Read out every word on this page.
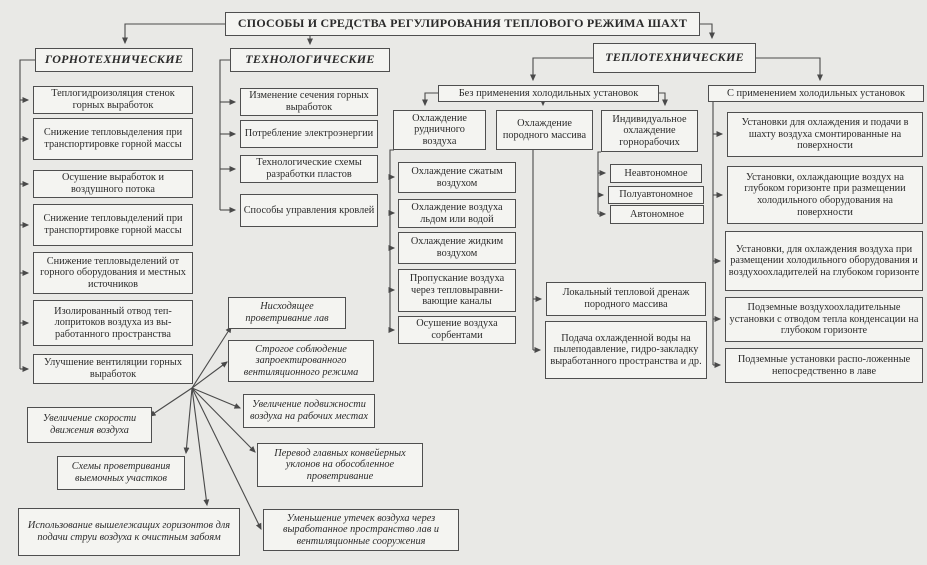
СПОСОБЫ И СРЕДСТВА РЕГУЛИРОВАНИЯ ТЕПЛОВОГО РЕЖИМА ШАХТ
ГОРНОТЕХНИЧЕСКИЕ	ТЕХНОЛОГИЧЕСКИЕ	ТЕПЛОТЕХНИЧЕСКИЕ
Без применения холодильных установок	С применением холодильных установок
Теплогидроизоляция стенок горных выработок
Снижение тепловыделения при транспортировке горной массы
Осушение выработок и воздушного потока
Снижение тепловыделений при транспортировке горной массы
Снижение тепловыделений от горного оборудования и местных источников
Изолированный отвод теп-лопритоков воздуха из вы-работанного пространства
Улучшение вентиляции горных выработок
Изменение сечения горных выработок
Потребление электроэнергии
Технологические схемы разработки пластов
Способы управления кровлей
Охлаждение рудничного воздуха
Охлаждение породного массива
Индивидуальное охлаждение горнорабочих
Охлаждение сжатым воздухом
Охлаждение воздуха льдом или водой
Охлаждение жидким воздухом
Пропускание воздуха через тепловыравни-вающие каналы
Осушение воздуха сорбентами
Локальный тепловой дренаж породного массива
Подача охлажденной воды на пылеподавление, гидро-закладку выработанного пространства и др.
Неавтономное
Полуавтономное
Автономное
Установки для охлаждения и подачи в шахту воздуха смонтированные на поверхности
Установки, охлаждающие воздух на глубоком горизонте при размещении холодильного оборудования на поверхности
Установки, для охлаждения воздуха при размещении холодильного оборудования и воздухоохладителей на глубоком горизонте
Подземные воздухоохладительные установки с отводом тепла конденсации на глубоком горизонте
Подземные установки распо-ложенные непосредственно в лаве
Увеличение скорости движения воздуха
Схемы проветривания выемочных участков
Использование вышележащих горизонтов для подачи струи воздуха к очистным забоям
Нисходящее проветривание лав
Строгое соблюдение запроектированного вентиляционного режима
Увеличение подвижности воздуха на рабочих местах
Перевод главных конвейерных уклонов на обособленное проветривание
Уменьшение утечек воздуха через выработанное пространство лав и вентиляционные сооружения
